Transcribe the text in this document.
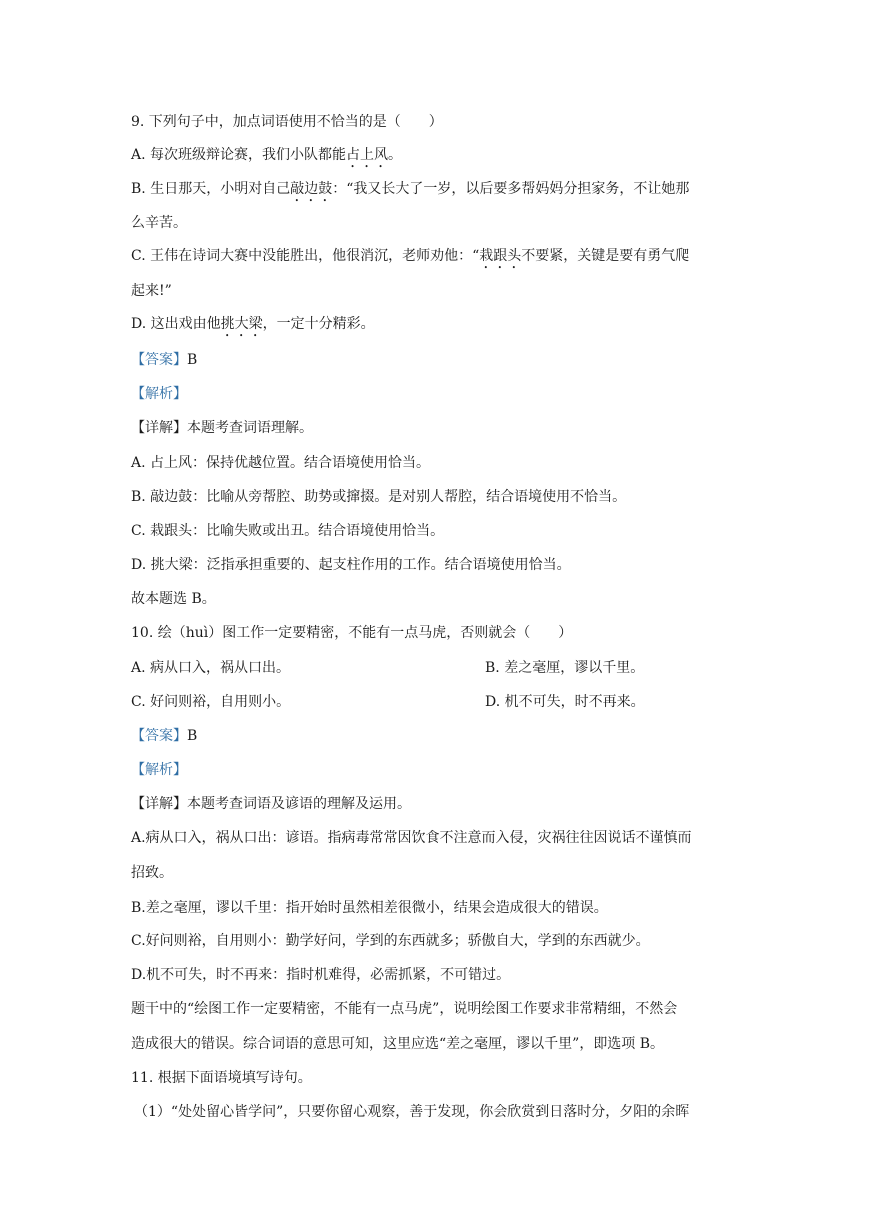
9. 下列句子中，加点词语使用不恰当的是（　　）
A. 每次班级辩论赛，我们小队都能占上风。
B. 生日那天，小明对自己敲边鼓：“我又长大了一岁，以后要多帮妈妈分担家务，不让她那
么辛苦。
C. 王伟在诗词大赛中没能胜出，他很消沉，老师劝他：“栽跟头不要紧，关键是要有勇气爬
起来!”
D. 这出戏由他挑大梁，一定十分精彩。
【答案】B
【解析】
【详解】本题考查词语理解。
A. 占上风：保持优越位置。结合语境使用恰当。
B. 敲边鼓：比喻从旁帮腔、助势或撺掇。是对别人帮腔，结合语境使用不恰当。
C. 栽跟头：比喻失败或出丑。结合语境使用恰当。
D. 挑大梁：泛指承担重要的、起支柱作用的工作。结合语境使用恰当。
故本题选 B。
10. 绘（huì）图工作一定要精密，不能有一点马虎，否则就会（　　）
A. 病从口入，祸从口出。	B. 差之毫厘，谬以千里。
C. 好问则裕，自用则小。	D. 机不可失，时不再来。
【答案】B
【解析】
【详解】本题考查词语及谚语的理解及运用。
A.病从口入，祸从口出：谚语。指病毒常常因饮食不注意而入侵，灾祸往往因说话不谨慎而
招致。
B.差之毫厘，谬以千里：指开始时虽然相差很微小，结果会造成很大的错误。
C.好问则裕，自用则小：勤学好问，学到的东西就多；骄傲自大，学到的东西就少。
D.机不可失，时不再来：指时机难得，必需抓紧，不可错过。
题干中的“绘图工作一定要精密，不能有一点马虎”，说明绘图工作要求非常精细，不然会
造成很大的错误。综合词语的意思可知，这里应选“差之毫厘，谬以千里”，即选项 B。
11. 根据下面语境填写诗句。
（1）“处处留心皆学问”，只要你留心观察，善于发现，你会欣赏到日落时分，夕阳的余晖
